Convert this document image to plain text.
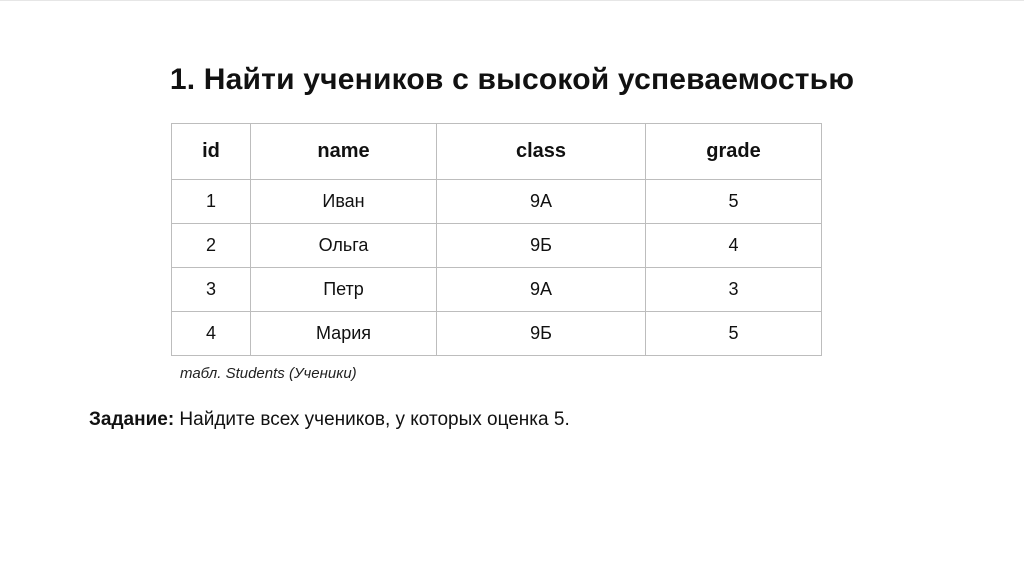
1. Найти учеников с высокой успеваемостью
id	name	class	grade
1	Иван	9А	5
2	Ольга	9Б	4
3	Петр	9А	3
4	Мария	9Б	5
табл. Students (Ученики)
Задание: Найдите всех учеников, у которых оценка 5.
